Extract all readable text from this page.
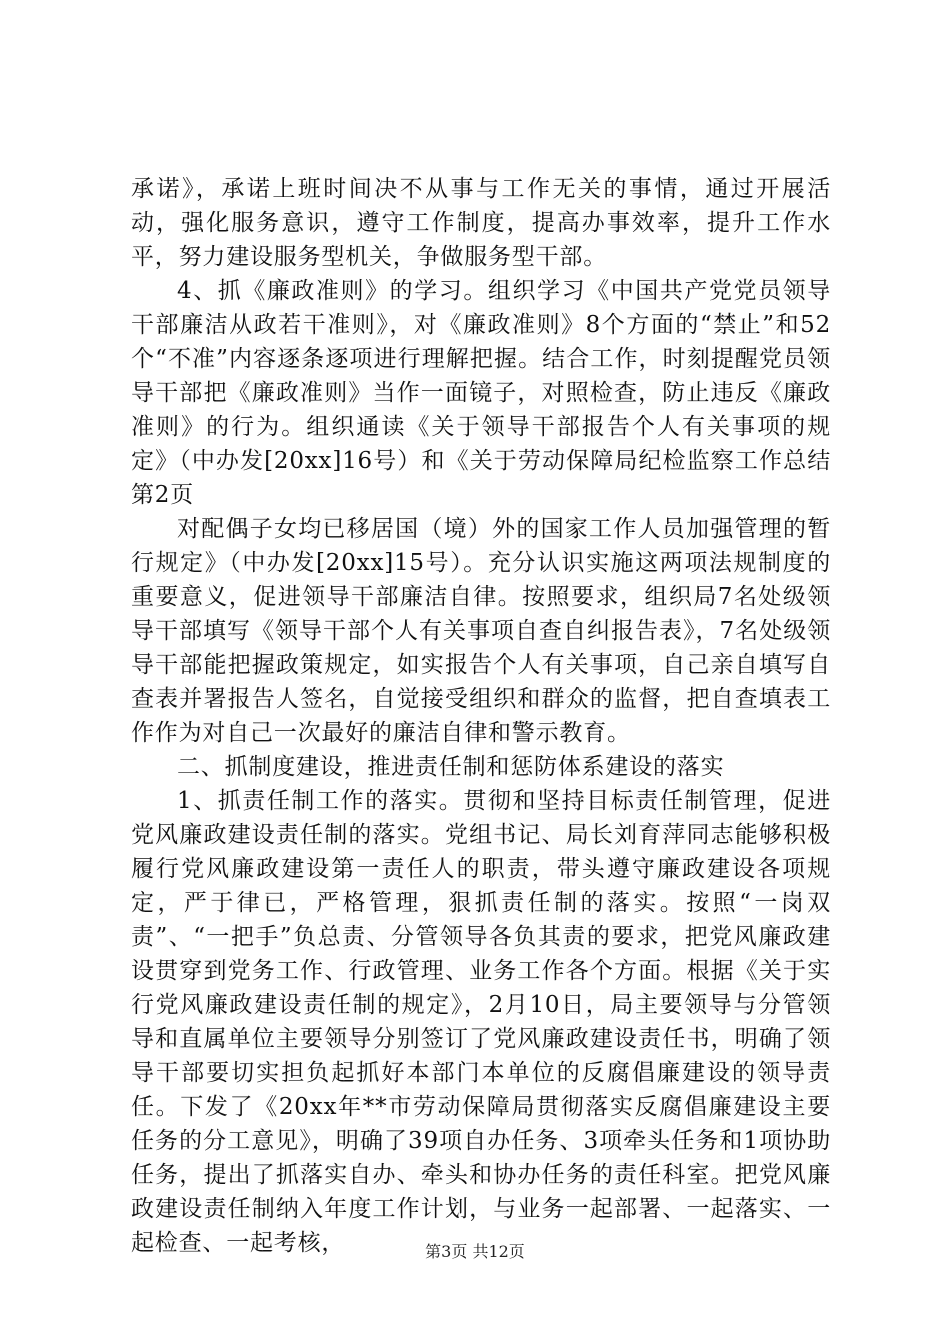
承诺》，承诺上班时间决不从事与工作无关的事情，通过开展活动，强化服务意识，遵守工作制度，提高办事效率，提升工作水平，努力建设服务型机关，争做服务型干部。

4、抓《廉政准则》的学习。组织学习《中国共产党党员领导干部廉洁从政若干准则》，对《廉政准则》8个方面的“禁止”和52个“不准”内容逐条逐项进行理解把握。结合工作，时刻提醒党员领导干部把《廉政准则》当作一面镜子，对照检查，防止违反《廉政准则》的行为。组织通读《关于领导干部报告个人有关事项的规定》（中办发[20xx]16号）和《关于劳动保障局纪检监察工作总结第2页

对配偶子女均已移居国（境）外的国家工作人员加强管理的暂行规定》（中办发[20xx]15号）。充分认识实施这两项法规制度的重要意义，促进领导干部廉洁自律。按照要求，组织局7名处级领导干部填写《领导干部个人有关事项自查自纠报告表》，7名处级领导干部能把握政策规定，如实报告个人有关事项，自己亲自填写自查表并署报告人签名，自觉接受组织和群众的监督，把自查填表工作作为对自己一次最好的廉洁自律和警示教育。

二、抓制度建设，推进责任制和惩防体系建设的落实

1、抓责任制工作的落实。贯彻和坚持目标责任制管理，促进党风廉政建设责任制的落实。党组书记、局长刘育萍同志能够积极履行党风廉政建设第一责任人的职责，带头遵守廉政建设各项规定，严于律已，严格管理，狠抓责任制的落实。按照“一岗双责”、“一把手”负总责、分管领导各负其责的要求，把党风廉政建设贯穿到党务工作、行政管理、业务工作各个方面。根据《关于实行党风廉政建设责任制的规定》，2月10日，局主要领导与分管领导和直属单位主要领导分别签订了党风廉政建设责任书，明确了领导干部要切实担负起抓好本部门本单位的反腐倡廉建设的领导责任。下发了《20xx年**市劳动保障局贯彻落实反腐倡廉建设主要任务的分工意见》，明确了39项自办任务、3项牵头任务和1项协助任务，提出了抓落实自办、牵头和协办任务的责任科室。把党风廉政建设责任制纳入年度工作计划，与业务一起部署、一起落实、一起检查、一起考核，	第3页 共12页
